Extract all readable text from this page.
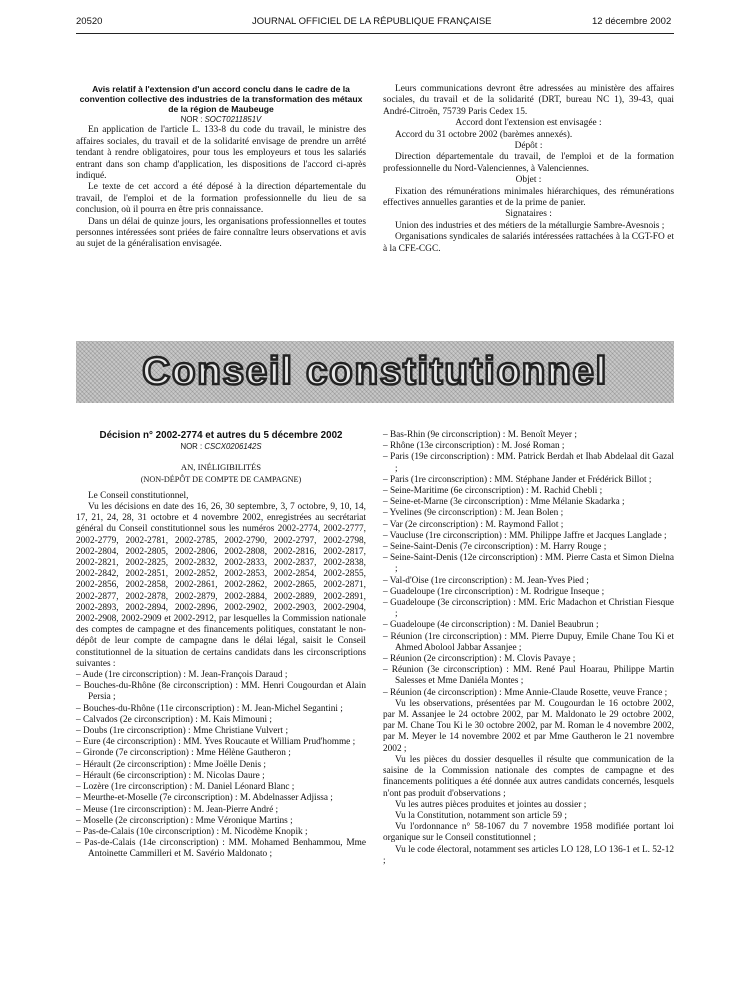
20520	JOURNAL OFFICIEL DE LA RÉPUBLIQUE FRANÇAISE	12 décembre 2002

Avis relatif à l'extension d'un accord conclu dans le cadre de la convention collective des industries de la transformation des métaux de la région de Maubeuge

NOR : SOCT0211851V

En application de l'article L. 133-8 du code du travail, le ministre des affaires sociales, du travail et de la solidarité envisage de prendre un arrêté tendant à rendre obligatoires, pour tous les employeurs et tous les salariés entrant dans son champ d'application, les dispositions de l'accord ci-après indiqué.

Le texte de cet accord a été déposé à la direction départementale du travail, de l'emploi et de la formation professionnelle du lieu de sa conclusion, où il pourra en être pris connaissance.

Dans un délai de quinze jours, les organisations professionnelles et toutes personnes intéressées sont priées de faire connaître leurs observations et avis au sujet de la généralisation envisagée.

Leurs communications devront être adressées au ministère des affaires sociales, du travail et de la solidarité (DRT, bureau NC 1), 39-43, quai André-Citroën, 75739 Paris Cedex 15.

Accord dont l'extension est envisagée :

Accord du 31 octobre 2002 (barèmes annexés).

Dépôt :

Direction départementale du travail, de l'emploi et de la formation professionnelle du Nord-Valenciennes, à Valenciennes.

Objet :

Fixation des rémunérations minimales hiérarchiques, des rémunérations effectives annuelles garanties et de la prime de panier.

Signataires :

Union des industries et des métiers de la métallurgie Sambre-Avesnois ;

Organisations syndicales de salariés intéressées rattachées à la CGT-FO et à la CFE-CGC.

Conseil constitutionnel

Décision n° 2002-2774 et autres du 5 décembre 2002

NOR : CSCX0206142S

AN, INÉLIGIBILITÉS

(NON-DÉPÔT DE COMPTE DE CAMPAGNE)

Le Conseil constitutionnel,

Vu les décisions en date des 16, 26, 30 septembre, 3, 7 octobre, 9, 10, 14, 17, 21, 24, 28, 31 octobre et 4 novembre 2002, enregistrées au secrétariat général du Conseil constitutionnel sous les numéros 2002-2774, 2002-2777, 2002-2779, 2002-2781, 2002-2785, 2002-2790, 2002-2797, 2002-2798, 2002-2804, 2002-2805, 2002-2806, 2002-2808, 2002-2816, 2002-2817, 2002-2821, 2002-2825, 2002-2832, 2002-2833, 2002-2837, 2002-2838, 2002-2842, 2002-2851, 2002-2852, 2002-2853, 2002-2854, 2002-2855, 2002-2856, 2002-2858, 2002-2861, 2002-2862, 2002-2865, 2002-2871, 2002-2877, 2002-2878, 2002-2879, 2002-2884, 2002-2889, 2002-2891, 2002-2893, 2002-2894, 2002-2896, 2002-2902, 2002-2903, 2002-2904, 2002-2908, 2002-2909 et 2002-2912, par lesquelles la Commission nationale des comptes de campagne et des financements politiques, constatant le non-dépôt de leur compte de campagne dans le délai légal, saisit le Conseil constitutionnel de la situation de certains candidats dans les circonscriptions suivantes :

– Aude (1re circonscription) : M. Jean-François Daraud ;

– Bouches-du-Rhône (8e circonscription) : MM. Henri Cougourdan et Alain Persia ;

– Bouches-du-Rhône (11e circonscription) : M. Jean-Michel Segantini ;

– Calvados (2e circonscription) : M. Kais Mimouni ;

– Doubs (1re circonscription) : Mme Christiane Vulvert ;

– Eure (4e circonscription) : MM. Yves Roucaute et William Prud'homme ;

– Gironde (7e circonscription) : Mme Hélène Gautheron ;

– Hérault (2e circonscription) : Mme Joëlle Denis ;

– Hérault (6e circonscription) : M. Nicolas Daure ;

– Lozère (1re circonscription) : M. Daniel Léonard Blanc ;

– Meurthe-et-Moselle (7e circonscription) : M. Abdelnasser Adjissa ;

– Meuse (1re circonscription) : M. Jean-Pierre André ;

– Moselle (2e circonscription) : Mme Véronique Martins ;

– Pas-de-Calais (10e circonscription) : M. Nicodème Knopik ;

– Pas-de-Calais (14e circonscription) : MM. Mohamed Benhammou, Mme Antoinette Cammilleri et M. Savério Maldonato ;

– Bas-Rhin (9e circonscription) : M. Benoît Meyer ;

– Rhône (13e circonscription) : M. José Roman ;

– Paris (19e circonscription) : MM. Patrick Berdah et Ihab Abdelaal dit Gazal ;

– Paris (1re circonscription) : MM. Stéphane Jander et Frédérick Billot ;

– Seine-Maritime (6e circonscription) : M. Rachid Chebli ;

– Seine-et-Marne (3e circonscription) : Mme Mélanie Skadarka ;

– Yvelines (9e circonscription) : M. Jean Bolen ;

– Var (2e circonscription) : M. Raymond Fallot ;

– Vaucluse (1re circonscription) : MM. Philippe Jaffre et Jacques Langlade ;

– Seine-Saint-Denis (7e circonscription) : M. Harry Rouge ;

– Seine-Saint-Denis (12e circonscription) : MM. Pierre Casta et Simon Dielna ;

– Val-d'Oise (1re circonscription) : M. Jean-Yves Pied ;

– Guadeloupe (1re circonscription) : M. Rodrigue Inseque ;

– Guadeloupe (3e circonscription) : MM. Eric Madachon et Christian Fiesque ;

– Guadeloupe (4e circonscription) : M. Daniel Beaubrun ;

– Réunion (1re circonscription) : MM. Pierre Dupuy, Emile Chane Tou Ki et Ahmed Abolool Jabbar Assanjee ;

– Réunion (2e circonscription) : M. Clovis Pavaye ;

– Réunion (3e circonscription) : MM. René Paul Hoarau, Philippe Martin Salesses et Mme Daniéla Montes ;

– Réunion (4e circonscription) : Mme Annie-Claude Rosette, veuve France ;

Vu les observations, présentées par M. Cougourdan le 16 octobre 2002, par M. Assanjee le 24 octobre 2002, par M. Maldonato le 29 octobre 2002, par M. Chane Tou Ki le 30 octobre 2002, par M. Roman le 4 novembre 2002, par M. Meyer le 14 novembre 2002 et par Mme Gautheron le 21 novembre 2002 ;

Vu les pièces du dossier desquelles il résulte que communication de la saisine de la Commission nationale des comptes de campagne et des financements politiques a été donnée aux autres candidats concernés, lesquels n'ont pas produit d'observations ;

Vu les autres pièces produites et jointes au dossier ;

Vu la Constitution, notamment son article 59 ;

Vu l'ordonnance n° 58-1067 du 7 novembre 1958 modifiée portant loi organique sur le Conseil constitutionnel ;

Vu le code électoral, notamment ses articles LO 128, LO 136-1 et L. 52-12 ;
